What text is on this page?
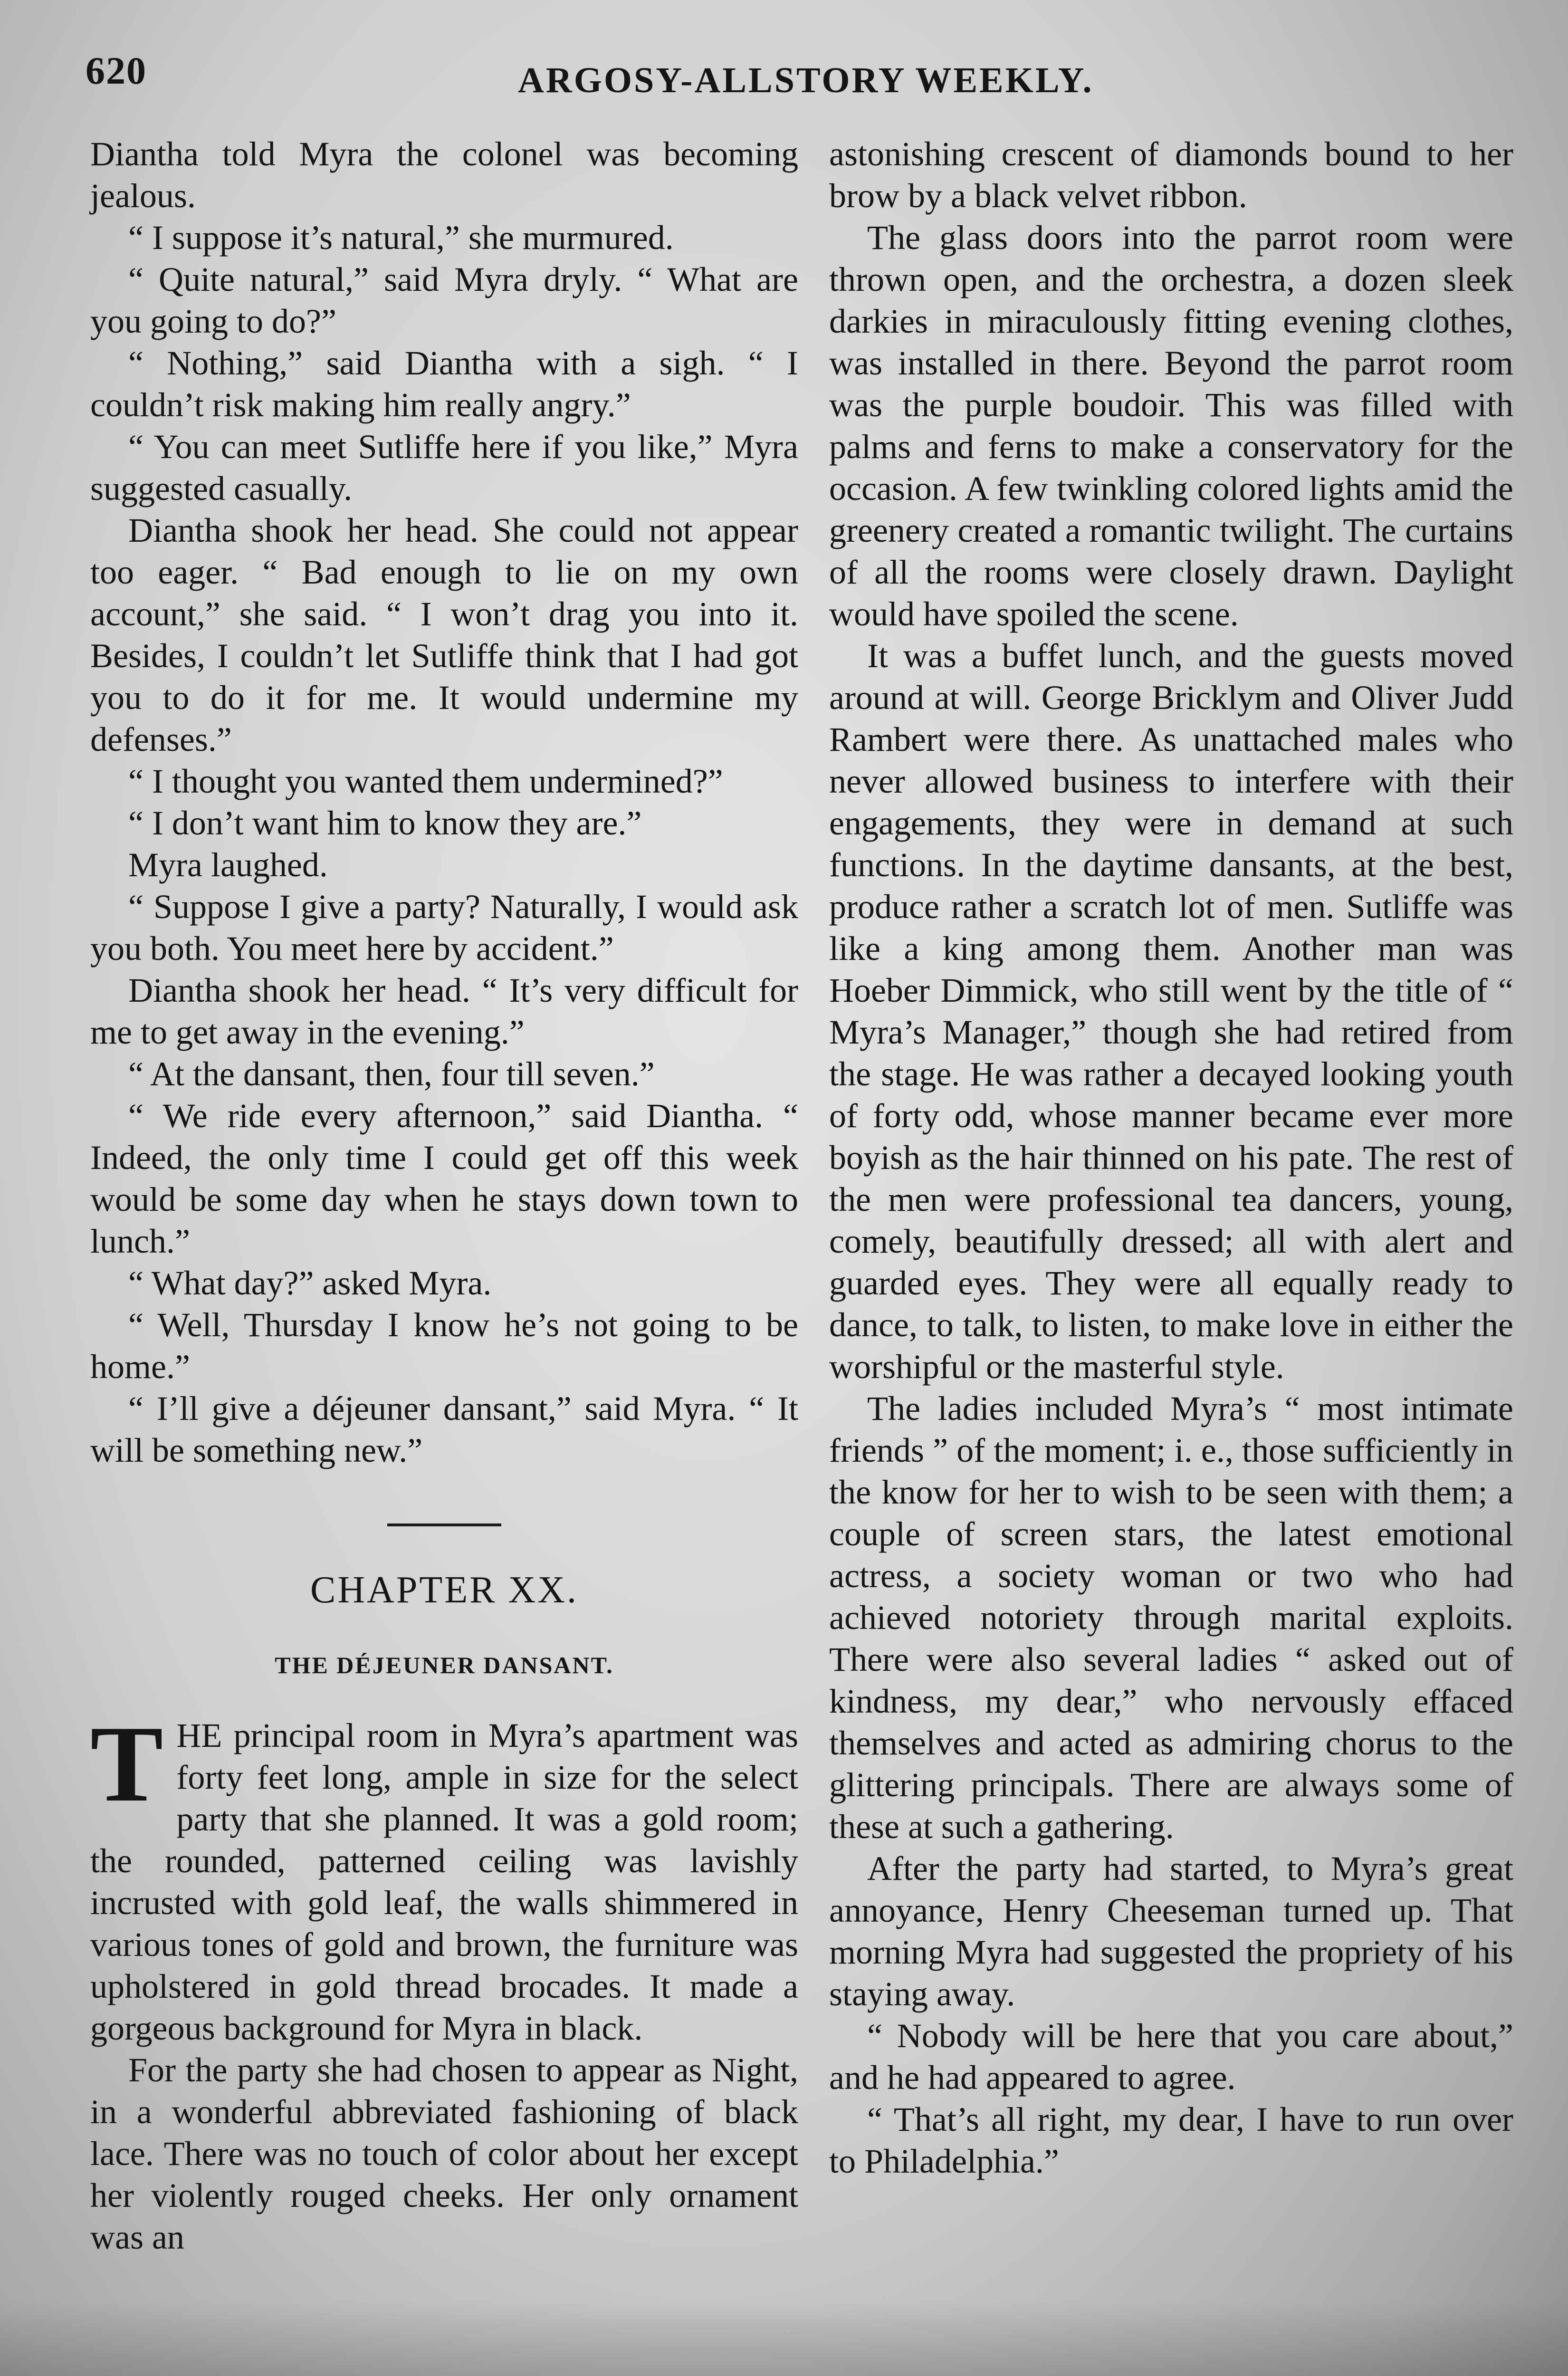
620	ARGOSY-ALLSTORY WEEKLY.

Diantha told Myra the colonel was becoming jealous.

“ I suppose it’s natural,” she murmured.

“ Quite natural,” said Myra dryly. “ What are you going to do?”

“ Nothing,” said Diantha with a sigh. “ I couldn’t risk making him really angry.”

“ You can meet Sutliffe here if you like,” Myra suggested casually.

Diantha shook her head. She could not appear too eager. “ Bad enough to lie on my own account,” she said. “ I won’t drag you into it. Besides, I couldn’t let Sutliffe think that I had got you to do it for me. It would undermine my defenses.”

“ I thought you wanted them undermined?”

“ I don’t want him to know they are.”

Myra laughed.

“ Suppose I give a party? Naturally, I would ask you both. You meet here by accident.”

Diantha shook her head. “ It’s very difficult for me to get away in the evening.”

“ At the dansant, then, four till seven.”

“ We ride every afternoon,” said Diantha. “ Indeed, the only time I could get off this week would be some day when he stays down town to lunch.”

“ What day?” asked Myra.

“ Well, Thursday I know he’s not going to be home.”

“ I’ll give a déjeuner dansant,” said Myra. “ It will be something new.”

CHAPTER XX.
THE DÉJEUNER DANSANT.

T HE principal room in Myra’s apartment was forty feet long, ample in size for the select party that she planned. It was a gold room; the rounded, patterned ceiling was lavishly incrusted with gold leaf, the walls shimmered in various tones of gold and brown, the furniture was upholstered in gold thread brocades. It made a gorgeous background for Myra in black.

For the party she had chosen to appear as Night, in a wonderful abbreviated fashioning of black lace. There was no touch of color about her except her violently rouged cheeks. Her only ornament was an

astonishing crescent of diamonds bound to her brow by a black velvet ribbon.

The glass doors into the parrot room were thrown open, and the orchestra, a dozen sleek darkies in miraculously fitting evening clothes, was installed in there. Beyond the parrot room was the purple boudoir. This was filled with palms and ferns to make a conservatory for the occasion. A few twinkling colored lights amid the greenery created a romantic twilight. The curtains of all the rooms were closely drawn. Daylight would have spoiled the scene.

It was a buffet lunch, and the guests moved around at will. George Bricklym and Oliver Judd Rambert were there. As unattached males who never allowed business to interfere with their engagements, they were in demand at such functions. In the daytime dansants, at the best, produce rather a scratch lot of men. Sutliffe was like a king among them. Another man was Hoeber Dimmick, who still went by the title of “ Myra’s Manager,” though she had retired from the stage. He was rather a decayed looking youth of forty odd, whose manner became ever more boyish as the hair thinned on his pate. The rest of the men were professional tea dancers, young, comely, beautifully dressed; all with alert and guarded eyes. They were all equally ready to dance, to talk, to listen, to make love in either the worshipful or the masterful style.

The ladies included Myra’s “ most intimate friends ” of the moment; i. e., those sufficiently in the know for her to wish to be seen with them; a couple of screen stars, the latest emotional actress, a society woman or two who had achieved notoriety through marital exploits. There were also several ladies “ asked out of kindness, my dear,” who nervously effaced themselves and acted as admiring chorus to the glittering principals. There are always some of these at such a gathering.

After the party had started, to Myra’s great annoyance, Henry Cheeseman turned up. That morning Myra had suggested the propriety of his staying away.

“ Nobody will be here that you care about,” and he had appeared to agree.

“ That’s all right, my dear, I have to run over to Philadelphia.”
